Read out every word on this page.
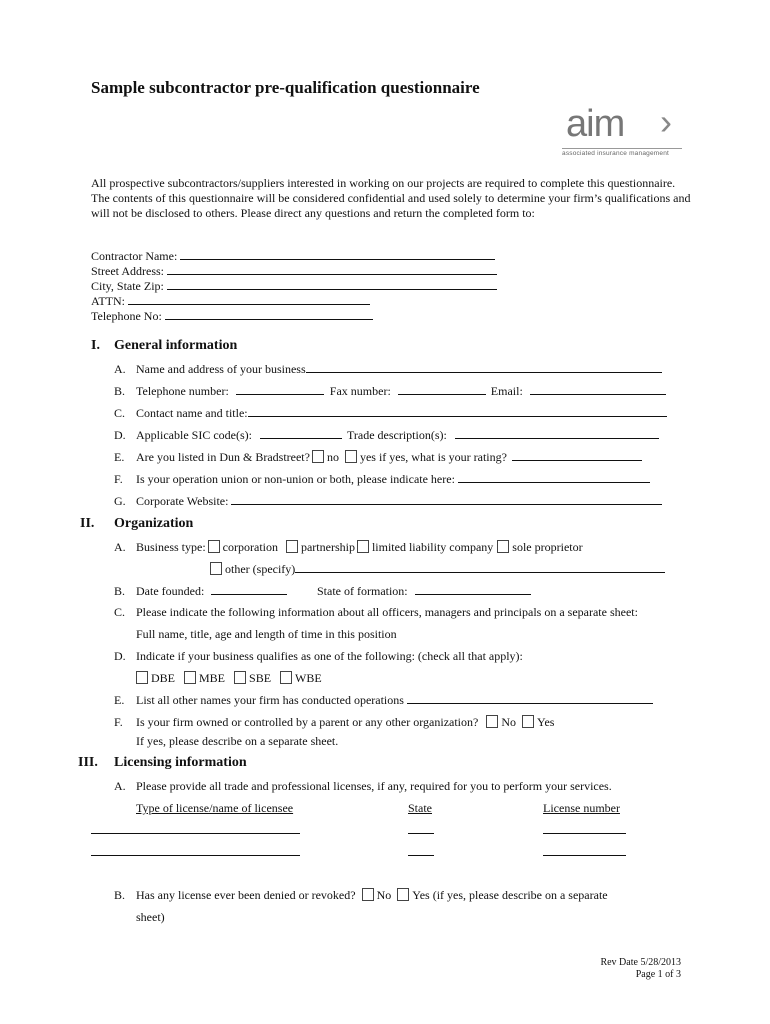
Sample subcontractor pre-qualification questionnaire
aim ›
associated insurance management
All prospective subcontractors/suppliers interested in working on our projects are required to complete this questionnaire. The contents of this questionnaire will be considered confidential and used solely to determine your firm’s qualifications and will not be disclosed to others. Please direct any questions and return the completed form to:
Contractor Name:
Street Address:
City, State Zip:
ATTN:
Telephone No:
I. General information
A. Name and address of your business
B. Telephone number:	Fax number:	Email:
C. Contact name and title:
D. Applicable SIC code(s):	Trade description(s):
E. Are you listed in Dun & Bradstreet? no yes if yes, what is your rating?
F. Is your operation union or non-union or both, please indicate here:
G. Corporate Website:
II. Organization
A. Business type: corporation partnership limited liability company sole proprietor
other (specify)
B. Date founded:	State of formation:
C. Please indicate the following information about all officers, managers and principals on a separate sheet:
Full name, title, age and length of time in this position
D. Indicate if your business qualifies as one of the following: (check all that apply):
DBE MBE SBE WBE
E. List all other names your firm has conducted operations
F. Is your firm owned or controlled by a parent or any other organization? No Yes
If yes, please describe on a separate sheet.
III. Licensing information
A. Please provide all trade and professional licenses, if any, required for you to perform your services.
Type of license/name of licensee	State	License number
B. Has any license ever been denied or revoked? No Yes (if yes, please describe on a separate
sheet)
Rev Date 5/28/2013
Page 1 of 3
